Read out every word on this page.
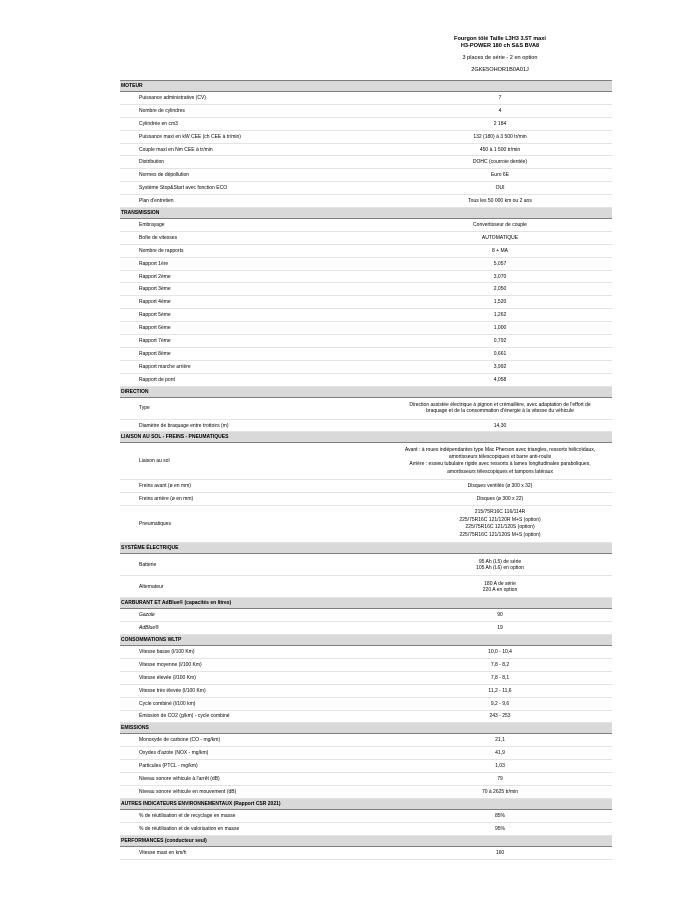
Fourgon tôlé Taille L3H3 3.5T maxi
H3-POWER 180 ch S&S BVA8
3 places de série - 2 en option
2GKE5OHOR1B0A01J
MOTEUR	
Puissance administrative (CV)	7

Nombre de cylindres	4

Cylindrée en cm3	2 184

Puissance maxi en kW CEE (ch CEE à tr/min)	132 (180) à 3 500 tr/min

Couple maxi en Nm CEE à tr/min	450 à 1 500 tr/min

Distribution	DOHC (courroie dentée)

Normes de dépollution	Euro 6E

Système Stop&Start avec fonction ECO	OUI

Plan d'entretien	Tous les 50 000 km ou 2 ans

TRANSMISSION	
Embrayage	Convertisseur de couple

Boîte de vitesses	AUTOMATIQUE

Nombre de rapports	8 + MA

Rapport 1ère	5,057

Rapport 2ème	3,070

Rapport 3ème	2,050

Rapport 4ème	1,520

Rapport 5ème	1,262

Rapport 6ème	1,000

Rapport 7ème	0,792

Rapport 8ème	0,661

Rapport marche arrière	3,992

Rapport de pont	4,058

DIRECTION	
Type	Direction assistée électrique à pignon et crémaillère, avec adaptation de l'effort de
braquage et de la consommation d'énergie à la vitesse du véhicule

Diamètre de braquage entre trottoirs (m)	14,30

LIAISON AU SOL - FREINS - PNEUMATIQUES	
Liaison au sol	Avant : à roues indépendantes type Mac Pherson avec triangles, ressorts hélicoïdaux,
amortisseurs télescopiques et barre anti-roulis
Arrière : essieu tubulaire rigide avec ressorts à lames longitudinales paraboliques,
amortisseurs télescopiques et tampons latéraux

Freins avant (ø en mm)	Disques ventilés (ø 300 x 32)

Freins arrière (ø en mm)	Disques (ø 300 x 22)

Pneumatiques	215/75R16C 116/114R
225/75R16C 121/120R M+S (option)
225/75R16C 121/120S (option)
225/75R16C 121/120S M+S (option)

SYSTÈME ÉLECTRIQUE	
Batterie	95 Ah (L5) de série
105 Ah (L6) en option

Alternateur	180 A de série
220 A en option

CARBURANT ET AdBlue® (capacités en litres)	
Gazole	90

AdBlue®	19

CONSOMMATIONS WLTP	
Vitesse basse (l/100 Km)	10,0 - 10,4

Vitesse moyenne (l/100 Km)	7,8 - 8,2

Vitesse élevée (l/100 Km)	7,8 - 8,1

Vitesse très élevée (l/100 Km)	11,2 - 11,6

Cycle combiné (l/100 km)	9,2 - 9,6

Émission de CO2 (g/km) - cycle combiné	243 - 253

EMISSIONS	
Monoxyde de carbone (CO - mg/km)	21,1

Oxydes d'azote (NOX - mg/km)	41,9

Particules (PTCL - mg/km)	1,03

Niveau sonore véhicule à l'arrêt (dB)	79

Niveau sonore véhicule en mouvement (dB)	70 à 2625 tr/min

AUTRES INDICATEURS ENVIRONNEMENTAUX (Rapport CSR 2021)	
% de réutilisation et de recyclage en masse	85%

% de réutilisation et de valorisation en masse	95%

PERFORMANCES (conducteur seul)	
Vitesse maxi en km/h	160
